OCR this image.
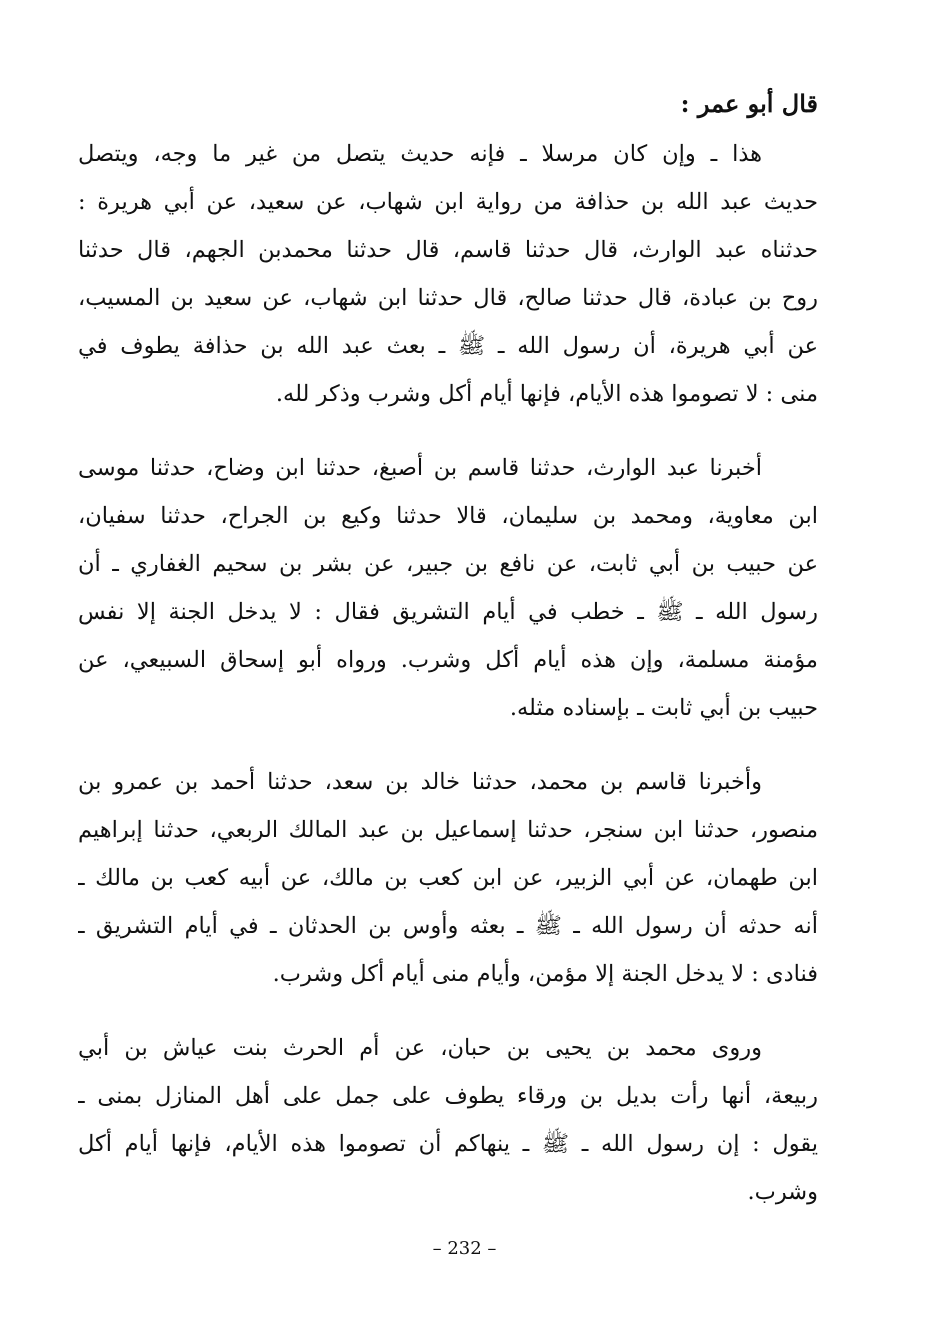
قال أبو عمر :
هذا ـ وإن كان مرسلا ـ فإنه حديث يتصل من غير ما وجه، ويتصل
حديث عبد الله بن حذافة من رواية ابن شهاب، عن سعيد، عن أبي هريرة :
حدثناه عبد الوارث، قال حدثنا قاسم، قال حدثنا محمدبن الجهم، قال حدثنا
روح بن عبادة، قال حدثنا صالح، قال حدثنا ابن شهاب، عن سعيد بن المسيب،
عن أبي هريرة، أن رسول الله ـ ﷺ ـ بعث عبد الله بن حذافة يطوف في
منى : لا تصوموا هذه الأيام، فإنها أيام أكل وشرب وذكر لله.
أخبرنا عبد الوارث، حدثنا قاسم بن أصبغ، حدثنا ابن وضاح، حدثنا موسى
ابن معاوية، ومحمد بن سليمان، قالا حدثنا وكيع بن الجراح، حدثنا سفيان،
عن حبيب بن أبي ثابت، عن نافع بن جبير، عن بشر بن سحيم الغفاري ـ أن
رسول الله ـ ﷺ ـ خطب في أيام التشريق فقال : لا يدخل الجنة إلا نفس
مؤمنة مسلمة، وإن هذه أيام أكل وشرب. ورواه أبو إسحاق السبيعي، عن
حبيب بن أبي ثابت ـ بإسناده مثله.
وأخبرنا قاسم بن محمد، حدثنا خالد بن سعد، حدثنا أحمد بن عمرو بن
منصور، حدثنا ابن سنجر، حدثنا إسماعيل بن عبد المالك الربعي، حدثنا إبراهيم
ابن طهمان، عن أبي الزبير، عن ابن كعب بن مالك، عن أبيه كعب بن مالك ـ
أنه حدثه أن رسول الله ـ ﷺ ـ بعثه وأوس بن الحدثان ـ في أيام التشريق ـ
فنادى : لا يدخل الجنة إلا مؤمن، وأيام منى أيام أكل وشرب.
وروى محمد بن يحيى بن حبان، عن أم الحرث بنت عياش بن أبي
ربيعة، أنها رأت بديل بن ورقاء يطوف على جمل على أهل المنازل بمنى ـ
يقول : إن رسول الله ـ ﷺ ـ ينهاكم أن تصوموا هذه الأيام، فإنها أيام أكل
وشرب.
– 232 –
